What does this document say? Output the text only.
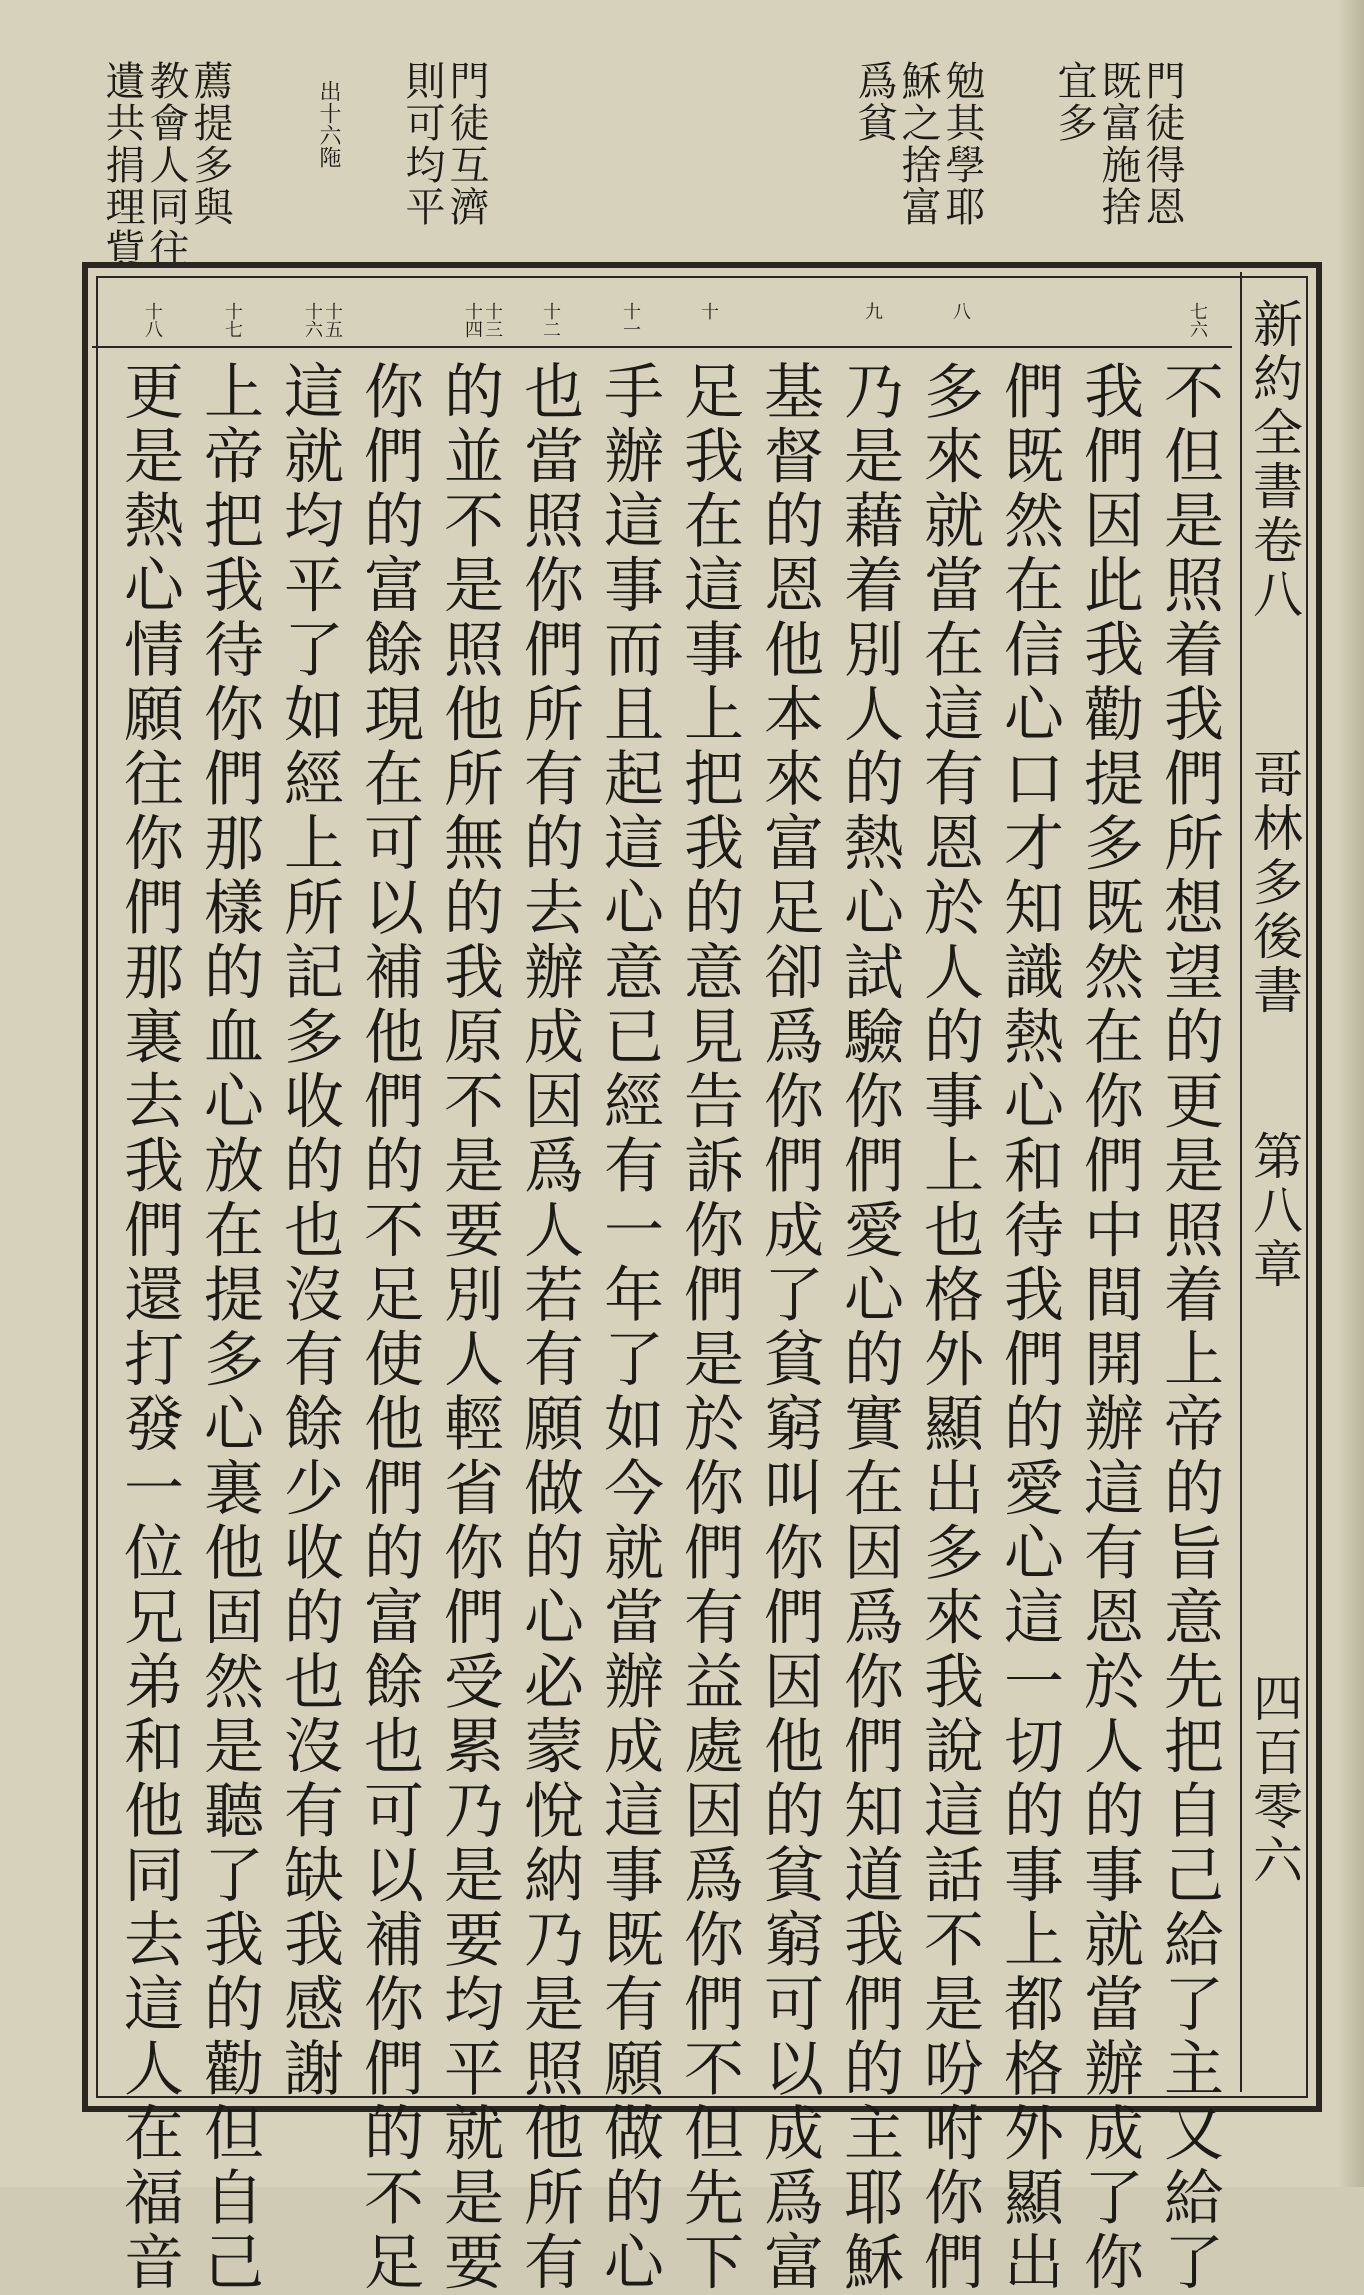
門徒得恩
既富施捨
宜多
勉其學耶
穌之捨富
爲貧
門徒互濟
則可均平
出十六陁
薦提多與
教會人同往
遺共捐理貲
七六
八
九
十
十一
十二
十三十四
十五十六
十七
十八	新約全書卷八
哥林多後書
第八章
四百零六
不但是照着我們所想望的更是照着上帝的旨意先把自己給了主又給了
我們因此我勸提多既然在你們中間開辦這有恩於人的事就當辦成了你
們既然在信心口才知識熱心和待我們的愛心這一切的事上都格外顯出
多來就當在這有恩於人的事上也格外顯出多來我說這話不是吩咐你們
乃是藉着別人的熱心試驗你們愛心的實在因爲你們知道我們的主耶穌
基督的恩他本來富足卻爲你們成了貧窮叫你們因他的貧窮可以成爲富
足我在這事上把我的意見告訴你們是於你們有益處因爲你們不但先下
手辦這事而且起這心意已經有一年了如今就當辦成這事既有願做的心
也當照你們所有的去辦成因爲人若有願做的心必蒙悅納乃是照他所有
的並不是照他所無的我原不是要別人輕省你們受累乃是要均平就是要
你們的富餘現在可以補他們的不足使他們的富餘也可以補你們的不足
這就均平了如經上所記多收的也沒有餘少收的也沒有缺我感謝
上帝把我待你們那樣的血心放在提多心裏他固然是聽了我的勸但自己
更是熱心情願往你們那裏去我們還打發一位兄弟和他同去這人在福音
